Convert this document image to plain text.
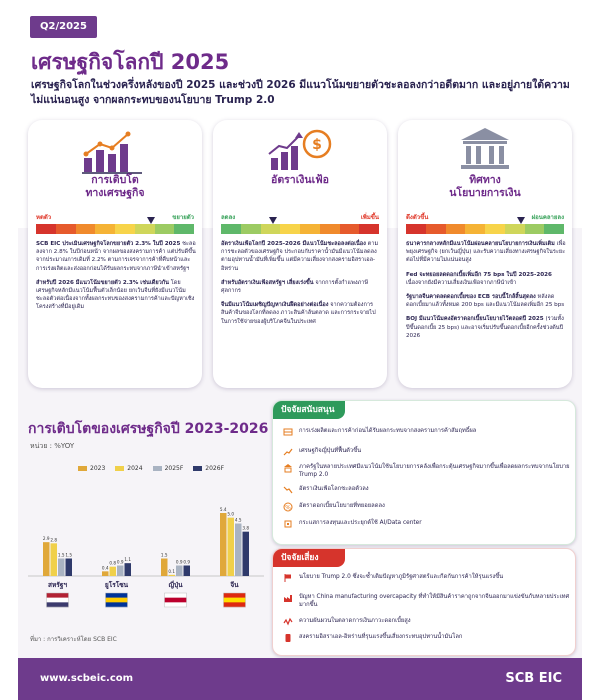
Q2/2025
เศรษฐกิจโลกปี 2025
เศรษฐกิจโลกในช่วงครึ่งหลังของปี 2025 และช่วงปี 2026 มีแนวโน้มขยายตัวชะลอลงกว่าอดีตมาก และอยู่ภายใต้ความไม่แน่นอนสูง จากผลกระทบของนโยบาย Trump 2.0
การเติบโต
ทางเศรษฐกิจ
หดตัว	ขยายตัว

SCB EIC ประเมินเศรษฐกิจโลกขยายตัว 2.3% ในปี 2025 ชะลอลงจาก 2.8% ในปีก่อนหน้า จากผลของสงครามการค้า แต่ปรับดีขึ้นจากประมาณการเดิมที่ 2.2% ตามการเจรจาการค้าที่คืบหน้าและการเร่งผลิตและส่งออกก่อนได้รับผลกระทบจากภาษีนำเข้าสหรัฐฯ

สำหรับปี 2026 มีแนวโน้มขยายตัว 2.3% เช่นเดียวกัน โดยเศรษฐกิจหลักมีแนวโน้มฟื้นตัวเล็กน้อย ยกเว้นจีนที่ยังมีแนวโน้มชะลอตัวต่อเนื่องจากทั้งผลกระทบของสงครามการค้าและปัญหาเชิงโครงสร้างที่มีอยู่เดิม

$
อัตราเงินเฟ้อ
ลดลง	เพิ่มขึ้น

อัตราเงินเฟ้อโลกปี 2025-2026 มีแนวโน้มชะลอลงต่อเนื่อง ตามการชะลอตัวของเศรษฐกิจ ประกอบกับราคาน้ำมันมีแนวโน้มลดลงตามอุปทานน้ำมันที่เพิ่มขึ้น แต่มีความเสี่ยงจากสงครามอิสราเอล-อิหร่าน

สำหรับอัตราเงินเฟ้อสหรัฐฯ เสี่ยงเร่งขึ้น จากการตั้งกำแพงภาษีศุลกากร

จีนมีแนวโน้มเผชิญปัญหาเงินฝืดอย่างต่อเนื่อง จากความต้องการสินค้าจีนของโลกที่ลดลง ภาวะสินค้าล้นตลาด และการกระจายไปในการใช้จ่ายของผู้บริโภคจีนในประเทศ

ทิศทาง
นโยบายการเงิน
ตึงตัวขึ้น	ผ่อนคลายลง

ธนาคารกลางหลักมีแนวโน้มผ่อนคลายนโยบายการเงินเพิ่มเติม เพื่อพยุงเศรษฐกิจ (ยกเว้นญี่ปุ่น) และรับความเสี่ยงทางเศรษฐกิจในระยะต่อไปที่มีความไม่แน่นอนสูง

Fed จะทยอยลดดอกเบี้ยเพิ่มอีก 75 bps ในปี 2025-2026 เนื่องจากยังมีความเสี่ยงเงินเฟ้อจากภาษีนำเข้า

รัฐบาลจีนคาดลดดอกเบี้ยของ ECB รอบนี้ใกล้สิ้นสุดลง หลังลดดอกเบี้ยมาแล้วทั้งหมด 200 bps และมีแนวโน้มลดเพิ่มอีก 25 bps

BOJ มีแนวโน้มคงอัตราดอกเบี้ยนโยบายไว้ตลอดปี 2025 (รวมทั้งปีขึ้นดอกเบี้ย 25 bps) และอาจเริ่มปรับขึ้นดอกเบี้ยอีกครั้งช่วงต้นปี 2026

การเติบโตของเศรษฐกิจปี 2023-2026
หน่วย : %YOY
2023	2024	2025F	2026F
2.9 2.8
1.5 1.5
สหรัฐฯ
0.4
0.8 0.9 1.1
ยูโรโซน
1.5
0.1
0.9 0.9
ญี่ปุ่น
5.4
5.0
4.5
3.8
จีน
ที่มา : การวิเคราะห์โดย SCB EIC
ปัจจัยสนับสนุน
การเร่งผลิตและการค้าก่อนได้รับผลกระทบจากสงครามการค้าสัมฤทธิ์ผล
เศรษฐกิจญี่ปุ่นที่ฟื้นตัวขึ้น
ภาครัฐในหลายประเทศมีแนวโน้มใช้นโยบายการคลังเพื่อกระตุ้นเศรษฐกิจมากขึ้นเพื่อลดผลกระทบจากนโยบาย Trump 2.0
อัตราเงินเฟ้อโลกชะลอตัวลง
% อัตราดอกเบี้ยนโยบายที่ทยอยลดลง
กระแสการลงทุนและประยุกต์ใช้ AI/Data center
ปัจจัยเสี่ยง
นโยบาย Trump 2.0 ซึ่งจะซ้ำเติมปัญหาภูมิรัฐศาสตร์และกีดกันการค้าให้รุนแรงขึ้น
ปัญหา China manufacturing overcapacity ที่ทำให้มีสินค้าราคาถูกจากจีนออกมาแข่งขันกับหลายประเทศมากขึ้น
ความผันผวนในตลาดการเงินภาวะดอกเบี้ยสูง
สงครามอิสราเอล-อิหร่านที่รุนแรงขึ้นเสี่ยงกระทบอุปทานน้ำมันโลก
www.scbeic.com	SCB EIC
